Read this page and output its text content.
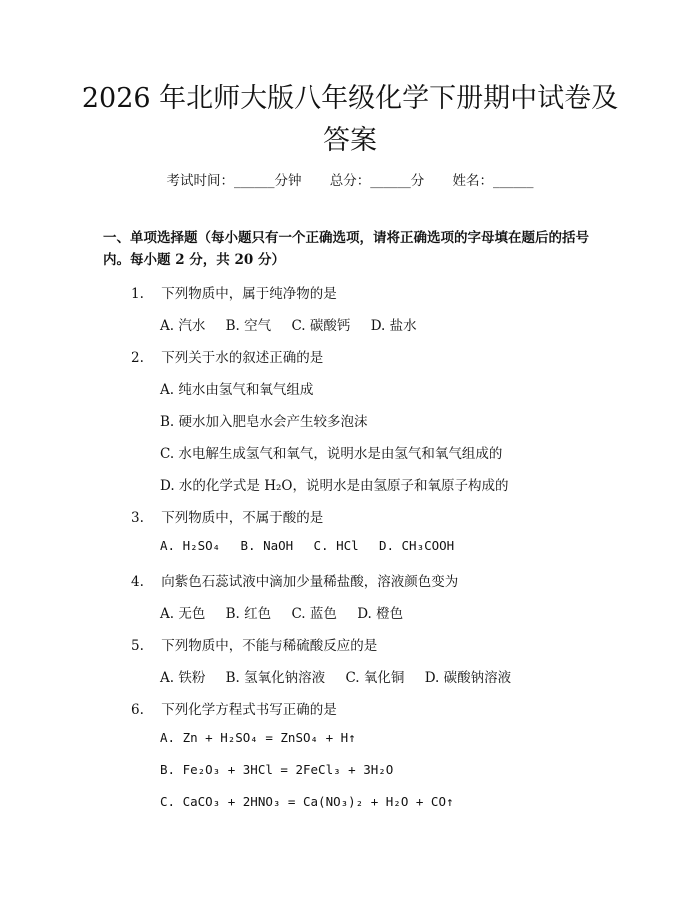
2026 年北师大版八年级化学下册期中试卷及答案
考试时间：______分钟 总分：______分 姓名：______

一、单项选择题（每小题只有一个正确选项，请将正确选项的字母填在题后的括号内。每小题 2 分，共 20 分）

1. 下列物质中，属于纯净物的是
A. 汽水 B. 空气 C. 碳酸钙 D. 盐水
2. 下列关于水的叙述正确的是
A. 纯水由氢气和氧气组成
B. 硬水加入肥皂水会产生较多泡沫
C. 水电解生成氢气和氧气，说明水是由氢气和氧气组成的
D. 水的化学式是 H₂O，说明水是由氢原子和氧原子构成的
3. 下列物质中，不属于酸的是
A. H₂SO₄ B. NaOH C. HCl D. CH₃COOH
4. 向紫色石蕊试液中滴加少量稀盐酸，溶液颜色变为
A. 无色 B. 红色 C. 蓝色 D. 橙色
5. 下列物质中，不能与稀硫酸反应的是
A. 铁粉 B. 氢氧化钠溶液 C. 氧化铜 D. 碳酸钠溶液
6. 下列化学方程式书写正确的是
A. Zn + H₂SO₄ = ZnSO₄ + H↑
B. Fe₂O₃ + 3HCl = 2FeCl₃ + 3H₂O
C. CaCO₃ + 2HNO₃ = Ca(NO₃)₂ + H₂O + CO↑
